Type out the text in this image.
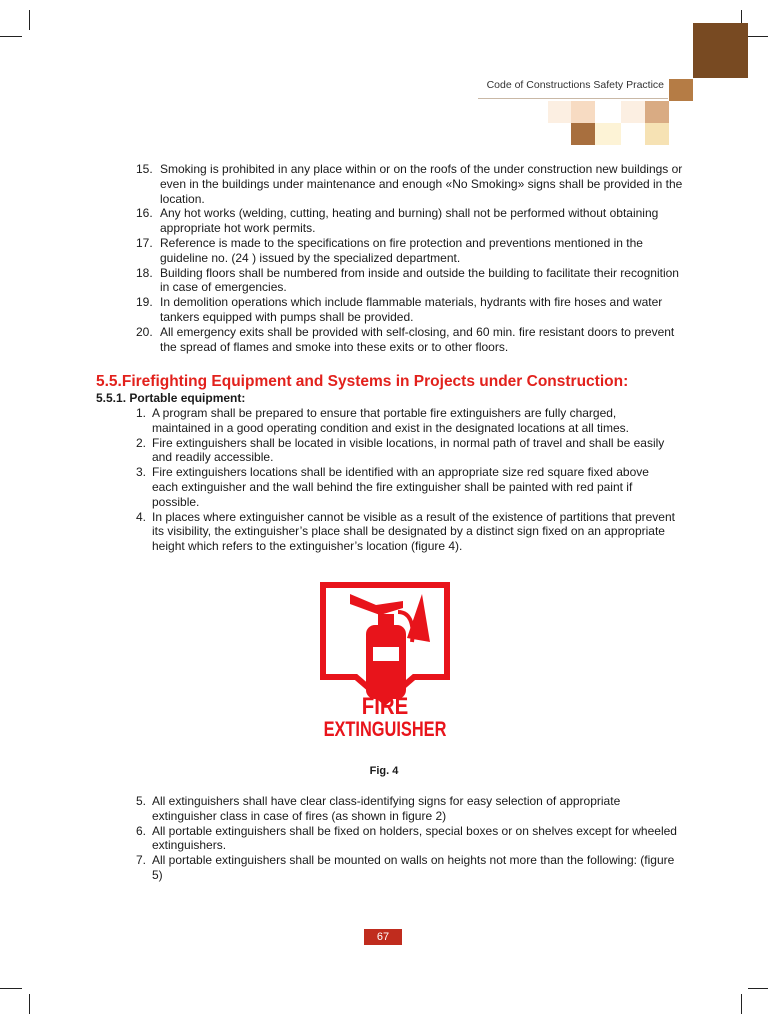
Code of Constructions Safety Practice
15. Smoking is prohibited in any place within or on the roofs of the under construction new buildings or even in the buildings under maintenance and enough «No Smoking» signs shall be provided in the location.
16. Any hot works (welding, cutting, heating and burning) shall not be performed without obtaining appropriate hot work permits.
17. Reference is made to the specifications on fire protection and preventions mentioned in the guideline no. (24 ) issued by the specialized department.
18. Building floors shall be numbered from inside and outside the building to facilitate their recognition in case of emergencies.
19. In demolition operations which include flammable materials, hydrants with fire hoses and water tankers equipped with pumps shall be provided.
20. All emergency exits shall be provided with self-closing, and 60 min. fire resistant doors to prevent the spread of flames and smoke into these exits or to other floors.
5.5.Firefighting Equipment and Systems in Projects under Construction:
5.5.1. Portable equipment:
1. A program shall be prepared to ensure that portable fire extinguishers are fully charged, maintained in a good operating condition and exist in the designated locations at all times.
2. Fire extinguishers shall be located in visible locations, in normal path of travel and shall be easily and readily accessible.
3. Fire extinguishers locations shall be identified with an appropriate size red square fixed above each extinguisher and the wall behind the fire extinguisher shall be painted with red paint if possible.
4. In places where extinguisher cannot be visible as a result of the existence of partitions that prevent its visibility, the extinguisher’s place shall be designated by a distinct sign fixed on an appropriate height which refers to the extinguisher’s location (figure 4).
FIRE
EXTINGUISHER
Fig. 4
5. All extinguishers shall have clear class-identifying signs for easy selection of appropriate extinguisher class in case of fires (as shown in figure 2)
6. All portable extinguishers shall be fixed on holders, special boxes or on shelves except for wheeled extinguishers.
7. All portable extinguishers shall be mounted on walls on heights not more than the following: (figure 5)
67
